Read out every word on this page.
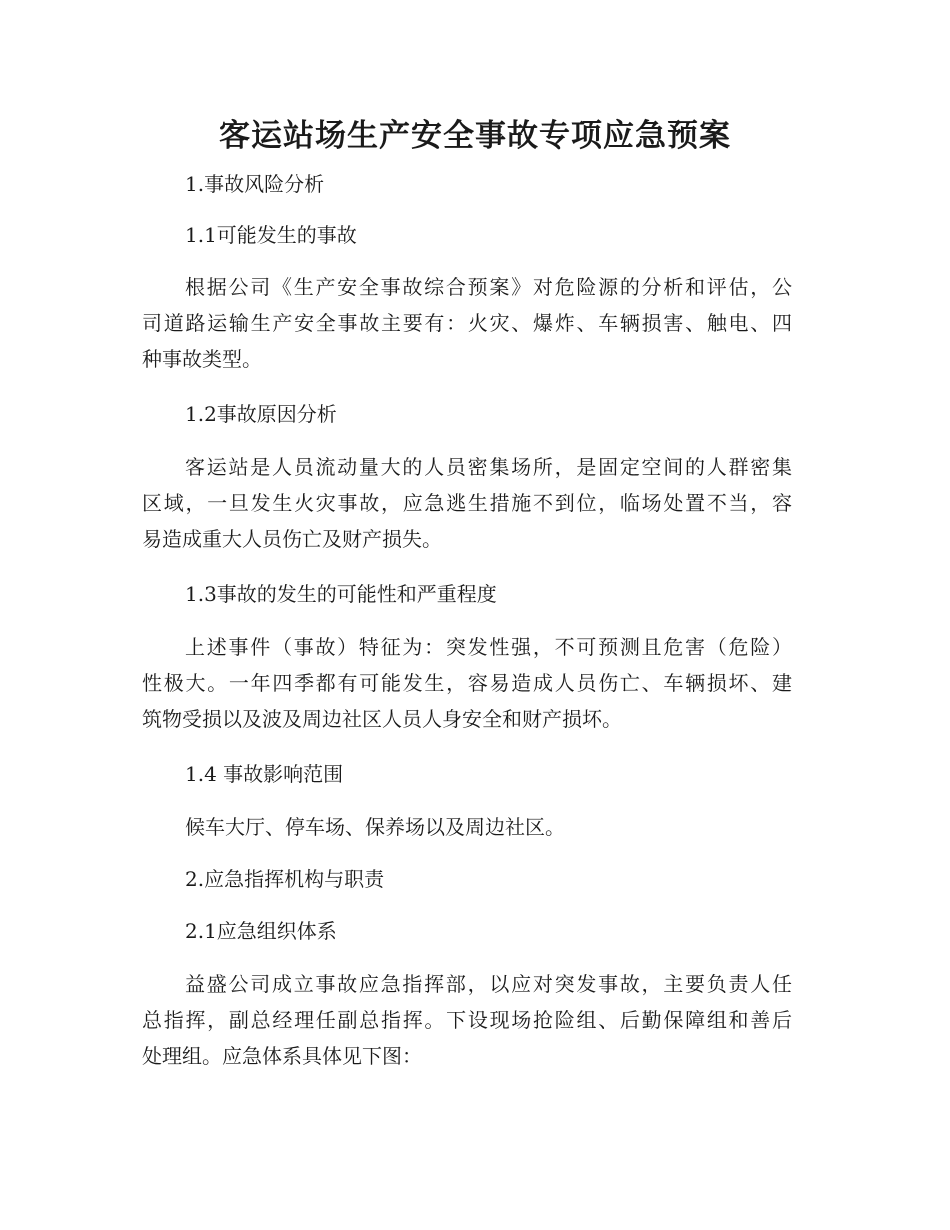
客运站场生产安全事故专项应急预案

1.事故风险分析

1.1可能发生的事故

根据公司《生产安全事故综合预案》对危险源的分析和评估，公

司道路运输生产安全事故主要有：火灾、爆炸、车辆损害、触电、四

种事故类型。

1.2事故原因分析

客运站是人员流动量大的人员密集场所，是固定空间的人群密集

区域，一旦发生火灾事故，应急逃生措施不到位，临场处置不当，容

易造成重大人员伤亡及财产损失。

1.3事故的发生的可能性和严重程度

上述事件（事故）特征为：突发性强，不可预测且危害（危险）

性极大。一年四季都有可能发生，容易造成人员伤亡、车辆损坏、建

筑物受损以及波及周边社区人员人身安全和财产损坏。

1.4 事故影响范围

候车大厅、停车场、保养场以及周边社区。

2.应急指挥机构与职责

2.1应急组织体系

益盛公司成立事故应急指挥部，以应对突发事故，主要负责人任

总指挥，副总经理任副总指挥。下设现场抢险组、后勤保障组和善后

处理组。应急体系具体见下图：
